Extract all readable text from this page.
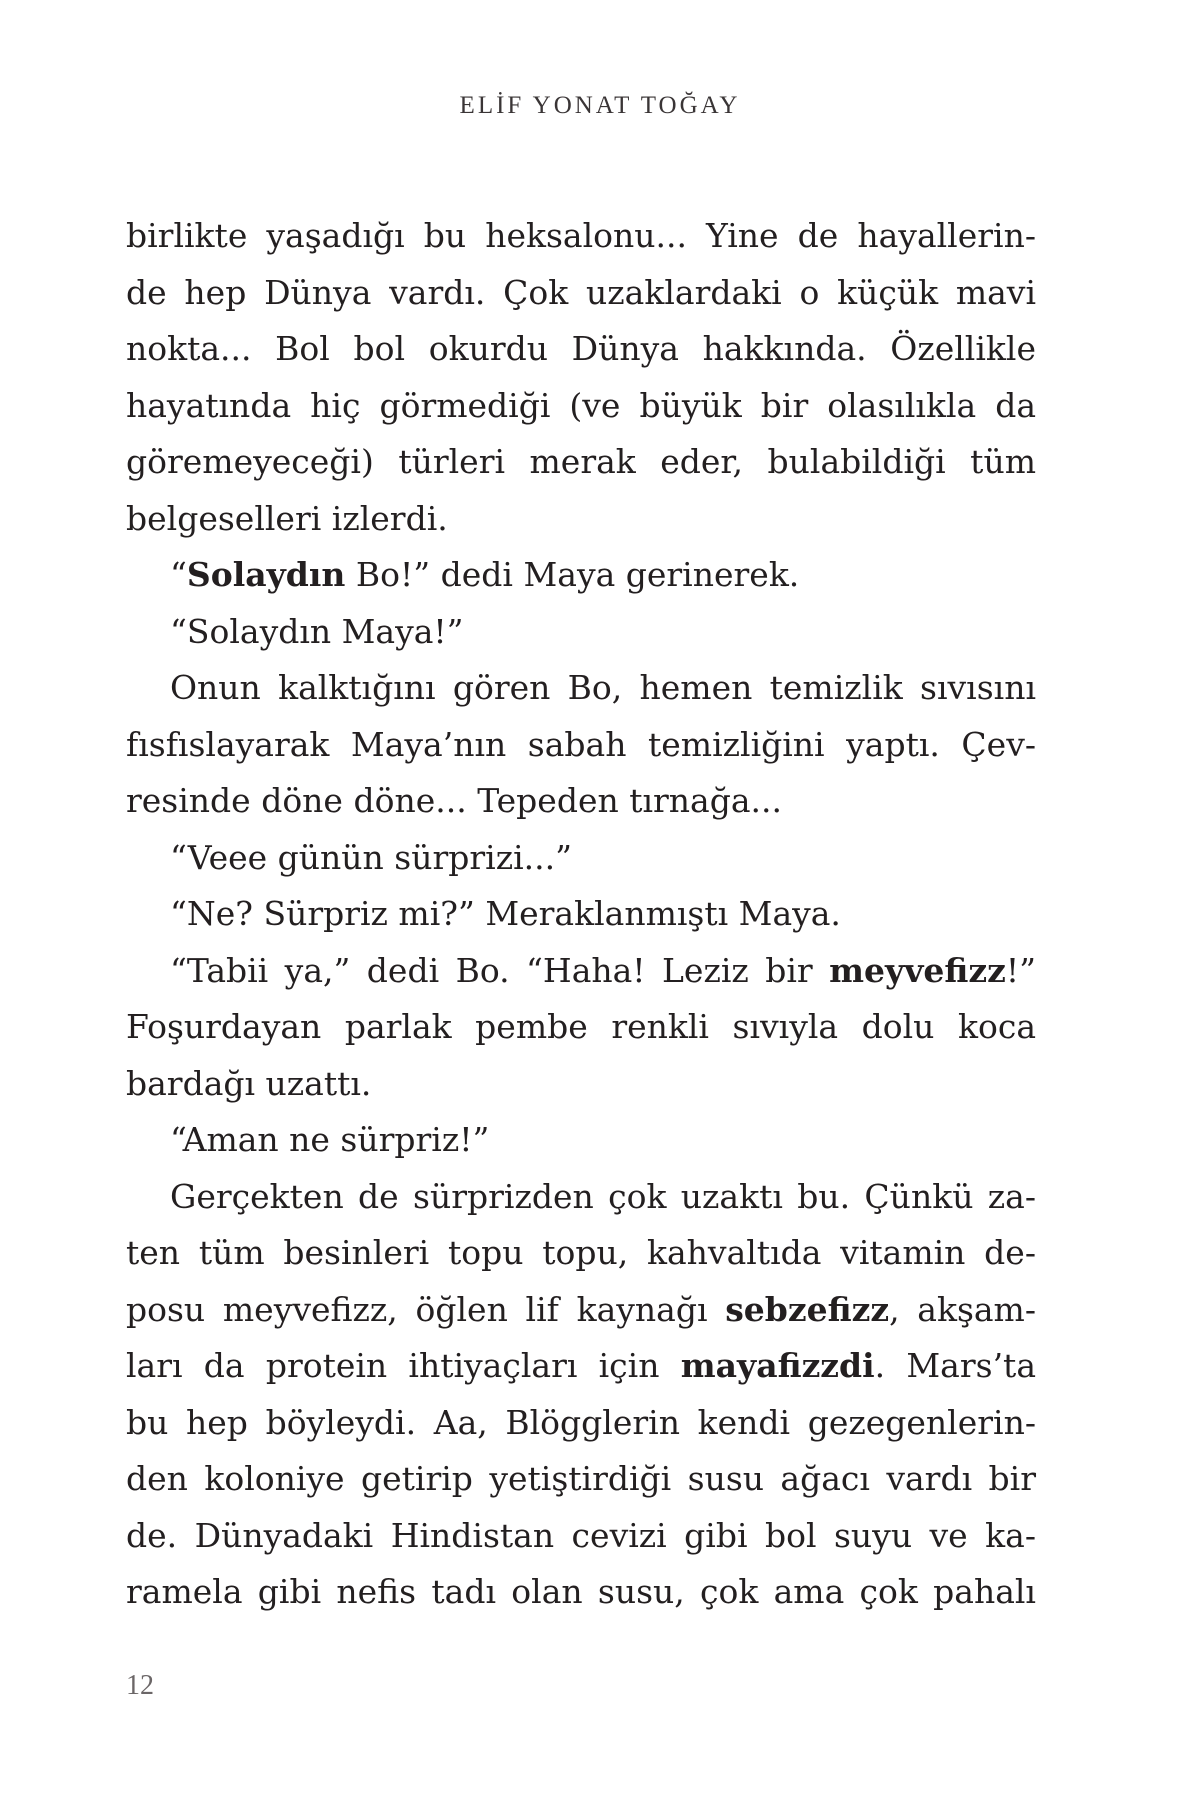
ELİF YONAT TOĞAY
birlikte yaşadığı bu heksalonu... Yine de hayallerin-
de hep Dünya vardı. Çok uzaklardaki o küçük mavi
nokta... Bol bol okurdu Dünya hakkında. Özellikle
hayatında hiç görmediği (ve büyük bir olasılıkla da
göremeyeceği) türleri merak eder, bulabildiği tüm
belgeselleri izlerdi.
“Solaydın Bo!” dedi Maya gerinerek.
“Solaydın Maya!”
Onun kalktığını gören Bo, hemen temizlik sıvısını
fısfıslayarak Maya’nın sabah temizliğini yaptı. Çev-
resinde döne döne... Tepeden tırnağa...
“Veee günün sürprizi...”
“Ne? Sürpriz mi?” Meraklanmıştı Maya.
“Tabii ya,” dedi Bo. “Haha! Leziz bir meyvefizz!”
Foşurdayan parlak pembe renkli sıvıyla dolu koca
bardağı uzattı.
“Aman ne sürpriz!”
Gerçekten de sürprizden çok uzaktı bu. Çünkü za-
ten tüm besinleri topu topu, kahvaltıda vitamin de-
posu meyvefizz, öğlen lif kaynağı sebzefizz, akşam-
ları da protein ihtiyaçları için mayafizzdi. Mars’ta
bu hep böyleydi. Aa, Blögglerin kendi gezegenlerin-
den koloniye getirip yetiştirdiği susu ağacı vardı bir
de. Dünyadaki Hindistan cevizi gibi bol suyu ve ka-
ramela gibi nefis tadı olan susu, çok ama çok pahalı
12
